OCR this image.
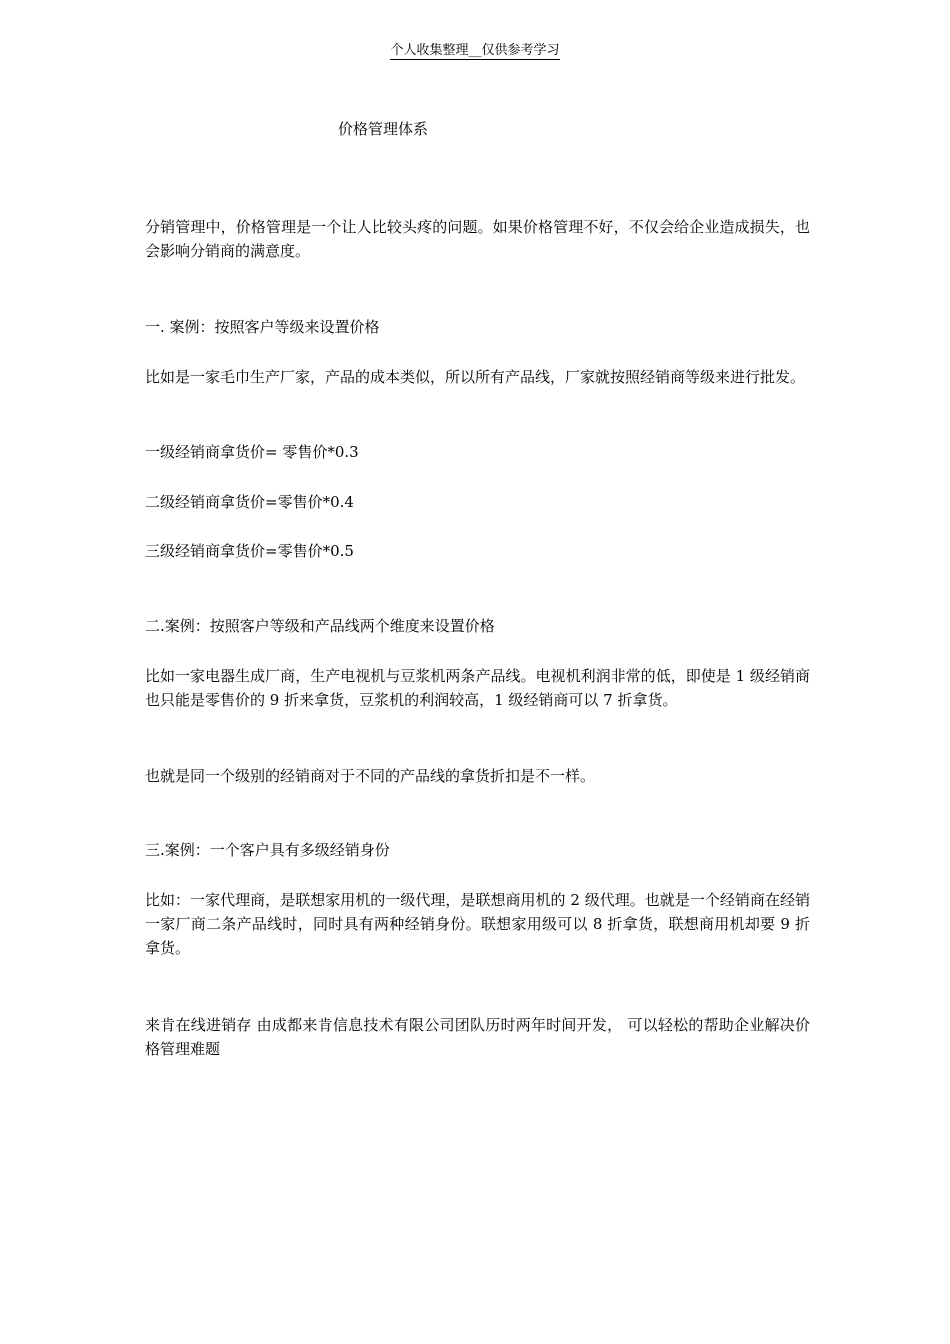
个人收集整理__仅供参考学习
价格管理体系
分销管理中，价格管理是一个让人比较头疼的问题。如果价格管理不好，不仅会给企业造成损失，也会影响分销商的满意度。
一. 案例：按照客户等级来设置价格
比如是一家毛巾生产厂家，产品的成本类似，所以所有产品线，厂家就按照经销商等级来进行批发。
一级经销商拿货价= 零售价*0.3
二级经销商拿货价=零售价*0.4
三级经销商拿货价=零售价*0.5
二.案例：按照客户等级和产品线两个维度来设置价格
比如一家电器生成厂商，生产电视机与豆浆机两条产品线。电视机利润非常的低，即使是 1 级经销商也只能是零售价的 9 折来拿货，豆浆机的利润较高，1 级经销商可以 7 折拿货。
也就是同一个级别的经销商对于不同的产品线的拿货折扣是不一样。
三.案例：一个客户具有多级经销身份
比如：一家代理商，是联想家用机的一级代理，是联想商用机的 2 级代理。也就是一个经销商在经销一家厂商二条产品线时，同时具有两种经销身份。联想家用级可以 8 折拿货，联想商用机却要 9 折拿货。
来肯在线进销存 由成都来肯信息技术有限公司团队历时两年时间开发， 可以轻松的帮助企业解决价格管理难题
